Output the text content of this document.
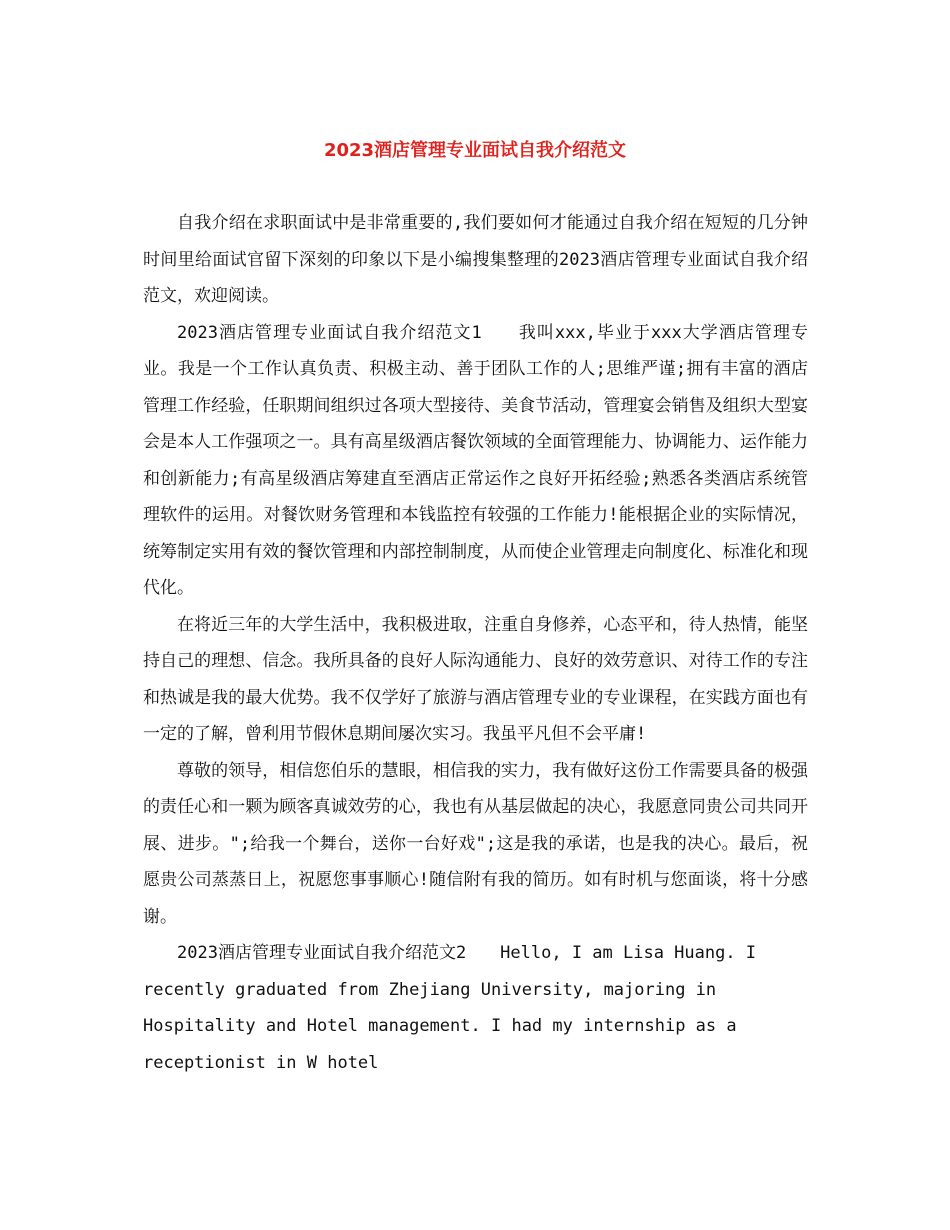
2023酒店管理专业面试自我介绍范文

自我介绍在求职面试中是非常重要的,我们要如何才能通过自我介绍在短短的几分钟时间里给面试官留下深刻的印象以下是小编搜集整理的2023酒店管理专业面试自我介绍范文，欢迎阅读。

2023酒店管理专业面试自我介绍范文1　　我叫xxx,毕业于xxx大学酒店管理专业。我是一个工作认真负责、积极主动、善于团队工作的人;思维严谨;拥有丰富的酒店管理工作经验，任职期间组织过各项大型接待、美食节活动，管理宴会销售及组织大型宴会是本人工作强项之一。具有高星级酒店餐饮领域的全面管理能力、协调能力、运作能力和创新能力;有高星级酒店筹建直至酒店正常运作之良好开拓经验;熟悉各类酒店系统管理软件的运用。对餐饮财务管理和本钱监控有较强的工作能力!能根据企业的实际情况，统筹制定实用有效的餐饮管理和内部控制制度，从而使企业管理走向制度化、标准化和现代化。

在将近三年的大学生活中，我积极进取，注重自身修养，心态平和，待人热情，能坚持自己的理想、信念。我所具备的良好人际沟通能力、良好的效劳意识、对待工作的专注和热诚是我的最大优势。我不仅学好了旅游与酒店管理专业的专业课程，在实践方面也有一定的了解，曾利用节假休息期间屡次实习。我虽平凡但不会平庸!

尊敬的领导，相信您伯乐的慧眼，相信我的实力，我有做好这份工作需要具备的极强的责任心和一颗为顾客真诚效劳的心，我也有从基层做起的决心，我愿意同贵公司共同开展、进步。";给我一个舞台，送你一台好戏";这是我的承诺，也是我的决心。最后，祝愿贵公司蒸蒸日上，祝愿您事事顺心!随信附有我的简历。如有时机与您面谈，将十分感谢。

2023酒店管理专业面试自我介绍范文2　　Hello, I am Lisa Huang. I recently graduated from Zhejiang University, majoring in Hospitality and Hotel management. I had my internship as a receptionist in W hotel
